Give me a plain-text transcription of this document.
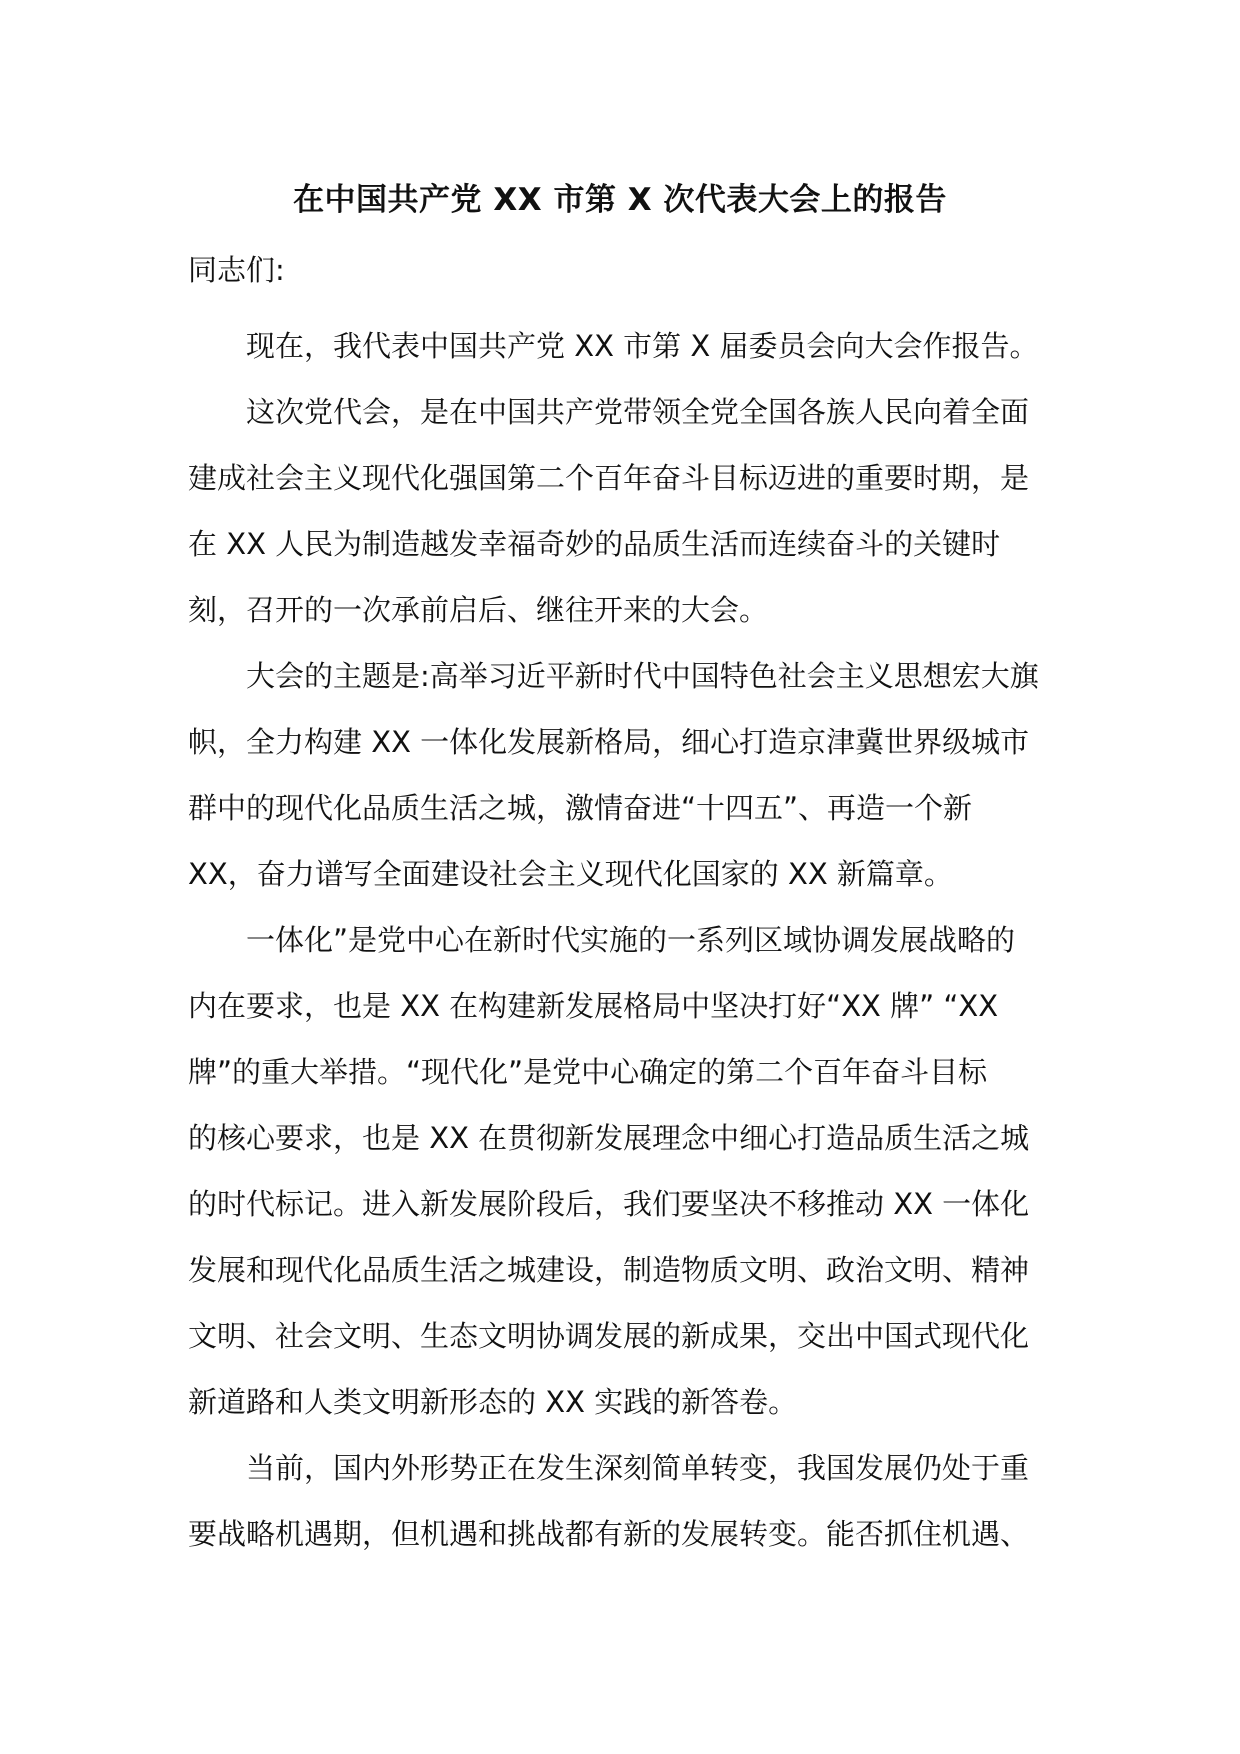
在中国共产党 XX 市第 X 次代表大会上的报告
同志们:
现在，我代表中国共产党 XX 市第 X 届委员会向大会作报告。
这次党代会，是在中国共产党带领全党全国各族人民向着全面
建成社会主义现代化强国第二个百年奋斗目标迈进的重要时期，是
在 XX 人民为制造越发幸福奇妙的品质生活而连续奋斗的关键时
刻，召开的一次承前启后、继往开来的大会。
大会的主题是:高举习近平新时代中国特色社会主义思想宏大旗
帜，全力构建 XX 一体化发展新格局，细心打造京津冀世界级城市
群中的现代化品质生活之城，激情奋进“十四五”、再造一个新
XX，奋力谱写全面建设社会主义现代化国家的 XX 新篇章。
一体化”是党中心在新时代实施的一系列区域协调发展战略的
内在要求，也是 XX 在构建新发展格局中坚决打好“XX 牌” “XX
牌”的重大举措。“现代化”是党中心确定的第二个百年奋斗目标
的核心要求，也是 XX 在贯彻新发展理念中细心打造品质生活之城
的时代标记。进入新发展阶段后，我们要坚决不移推动 XX 一体化
发展和现代化品质生活之城建设，制造物质文明、政治文明、精神
文明、社会文明、生态文明协调发展的新成果，交出中国式现代化
新道路和人类文明新形态的 XX 实践的新答卷。
当前，国内外形势正在发生深刻简单转变，我国发展仍处于重
要战略机遇期，但机遇和挑战都有新的发展转变。能否抓住机遇、
